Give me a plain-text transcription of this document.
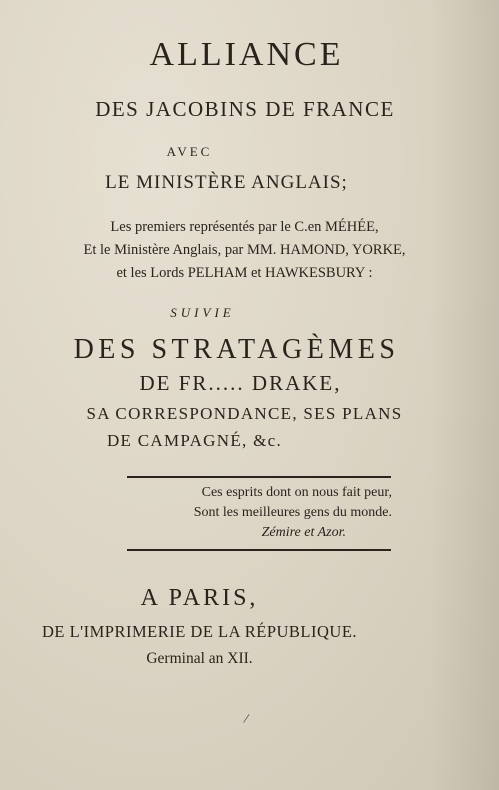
ALLIANCE
DES JACOBINS DE FRANCE
AVEC
LE MINISTÈRE ANGLAIS;
Les premiers représentés par le C.en MÉHÉE,
Et le Ministère Anglais, par MM. HAMOND, YORKE,
et les Lords PELHAM et HAWKESBURY :
SUIVIE
DES STRATAGÈMES
DE FR..... DRAKE,
SA CORRESPONDANCE, SES PLANS
DE CAMPAGNÉ, &c.
Ces esprits dont on nous fait peur,
Sont les meilleures gens du monde.
Zémire et Azor.
A PARIS,
DE L'IMPRIMERIE DE LA RÉPUBLIQUE.
Germinal an XII.
/
